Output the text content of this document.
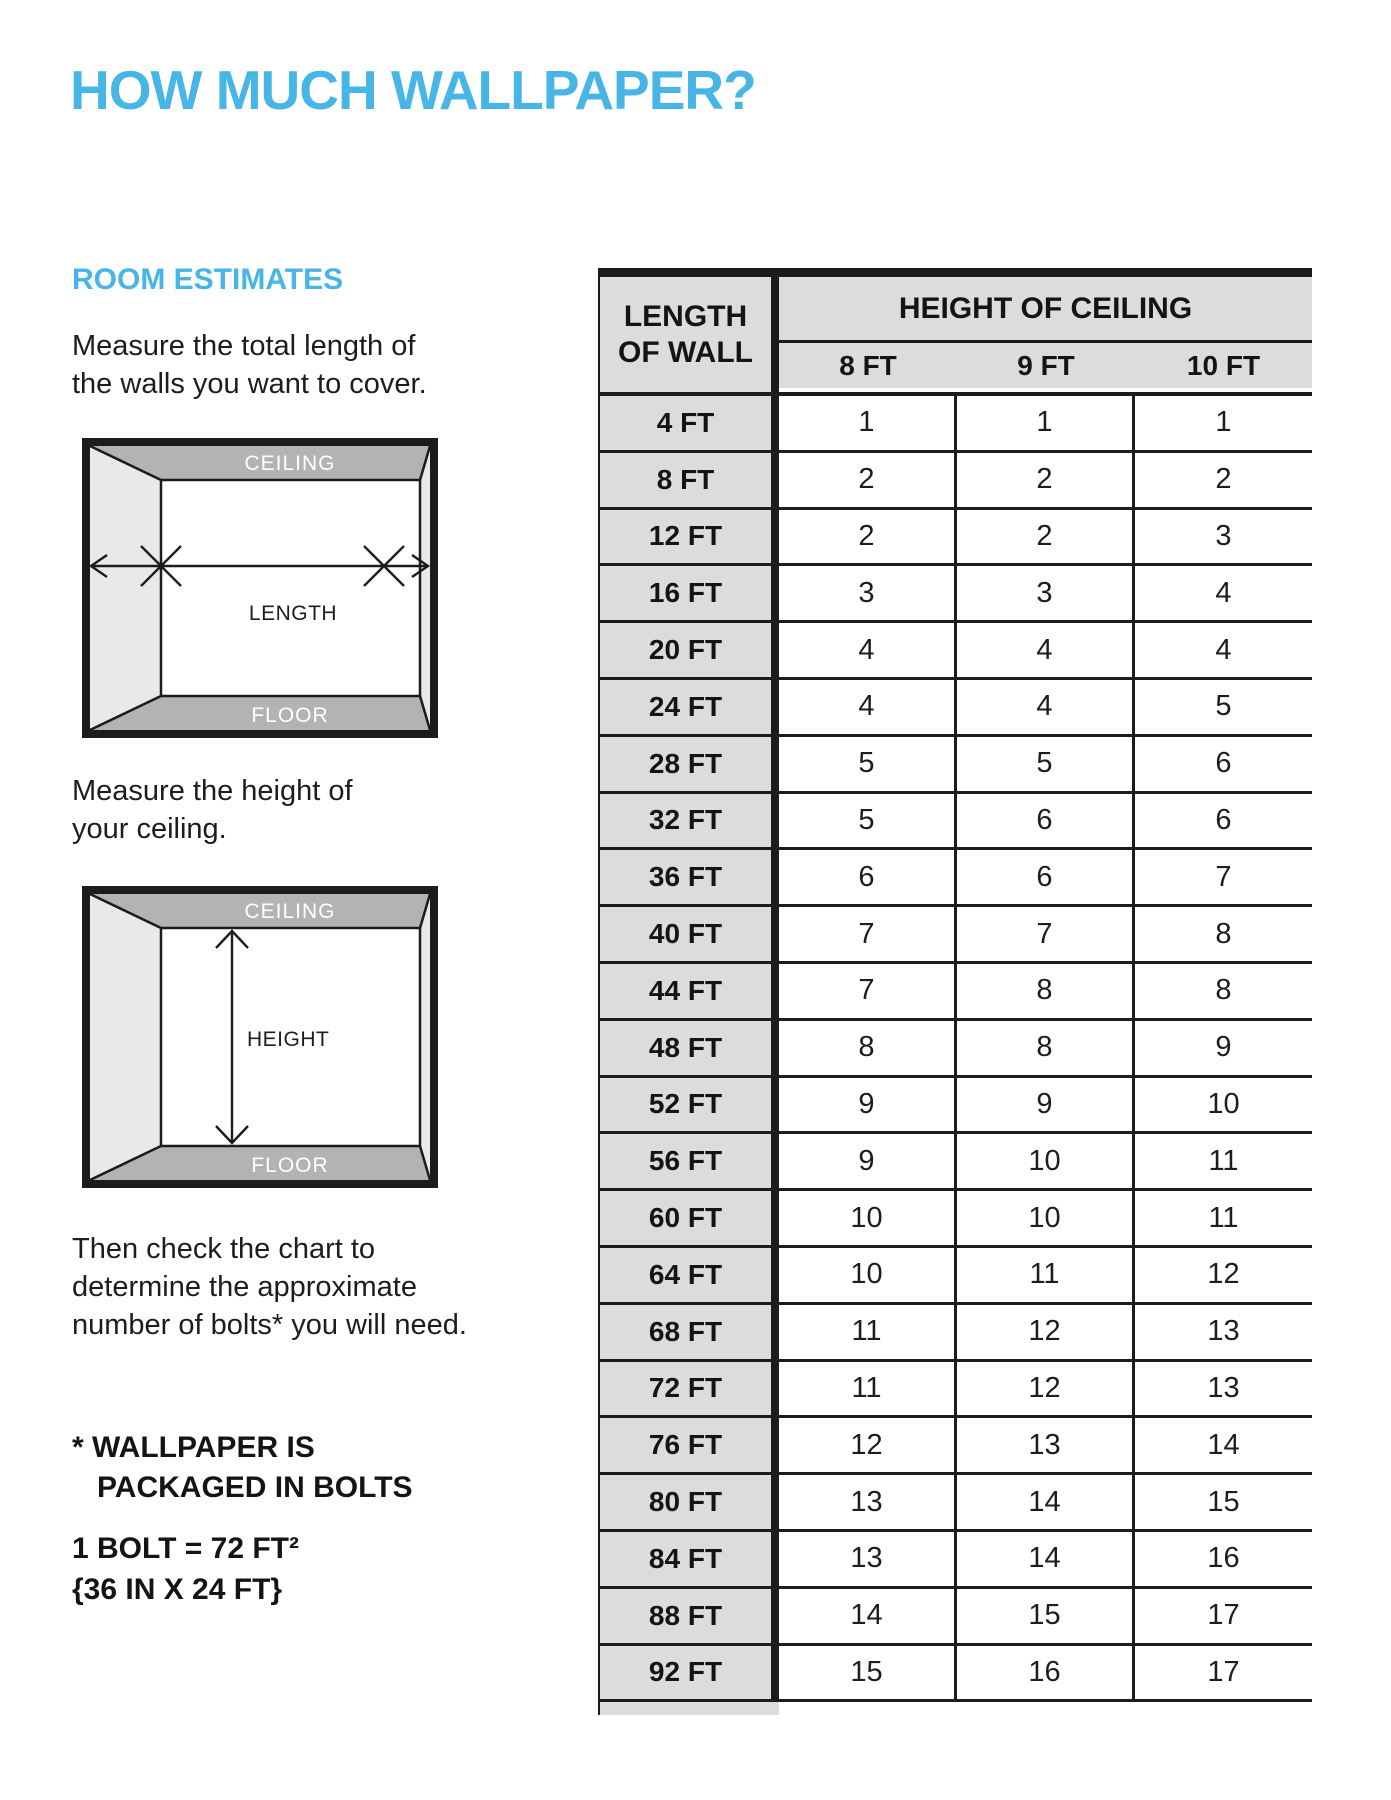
HOW MUCH WALLPAPER?
ROOM ESTIMATES
Measure the total length of
the walls you want to cover.
CEILING
FLOOR
LENGTH
Measure the height of
your ceiling.
CEILING
FLOOR
HEIGHT
Then check the chart to
determine the approximate
number of bolts* you will need.
* WALLPAPER IS
PACKAGED IN BOLTS
1 BOLT = 72 FT²
{36 IN X 24 FT}
LENGTH
OF WALL
HEIGHT OF CEILING
8 FT	9 FT	10 FT
4 FT	1	1	1
8 FT	2	2	2
12 FT	2	2	3
16 FT	3	3	4
20 FT	4	4	4
24 FT	4	4	5
28 FT	5	5	6
32 FT	5	6	6
36 FT	6	6	7
40 FT	7	7	8
44 FT	7	8	8
48 FT	8	8	9
52 FT	9	9	10
56 FT	9	10	11
60 FT	10	10	11
64 FT	10	11	12
68 FT	11	12	13
72 FT	11	12	13
76 FT	12	13	14
80 FT	13	14	15
84 FT	13	14	16
88 FT	14	15	17
92 FT	15	16	17
